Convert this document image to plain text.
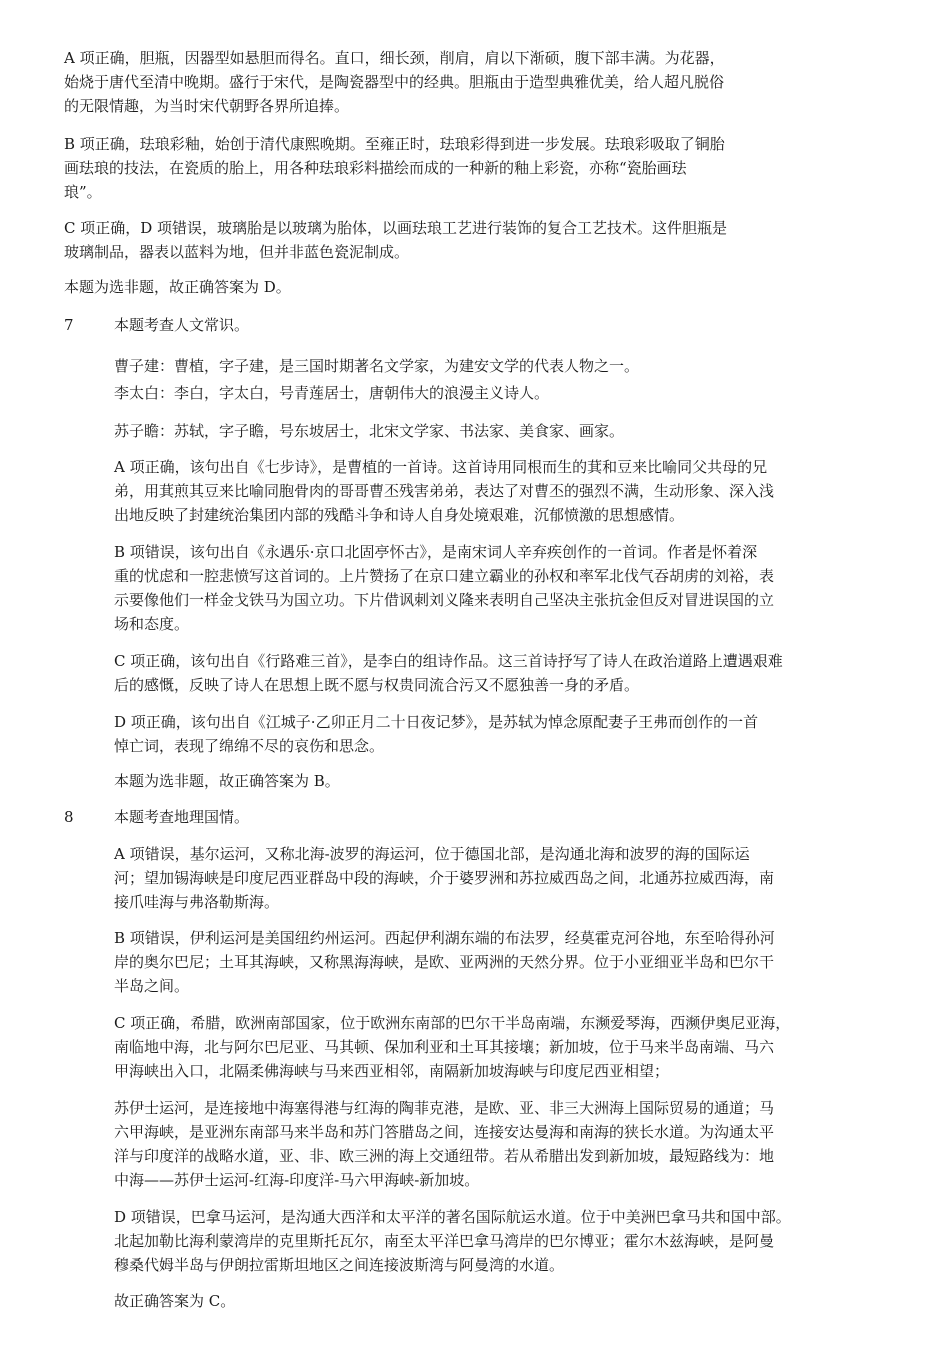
A 项正确，胆瓶，因器型如悬胆而得名。直口，细长颈，削肩，肩以下渐硕，腹下部丰满。为花器，

始烧于唐代至清中晚期。盛行于宋代，是陶瓷器型中的经典。胆瓶由于造型典雅优美，给人超凡脱俗

的无限情趣，为当时宋代朝野各界所追捧。

B 项正确，珐琅彩釉，始创于清代康熙晚期。至雍正时，珐琅彩得到进一步发展。珐琅彩吸取了铜胎

画珐琅的技法，在瓷质的胎上，用各种珐琅彩料描绘而成的一种新的釉上彩瓷，亦称“瓷胎画珐

琅”。

C 项正确，D 项错误，玻璃胎是以玻璃为胎体，以画珐琅工艺进行装饰的复合工艺技术。这件胆瓶是

玻璃制品，器表以蓝料为地，但并非蓝色瓷泥制成。

本题为选非题，故正确答案为 D。

7	本题考查人文常识。

曹子建：曹植，字子建，是三国时期著名文学家，为建安文学的代表人物之一。

李太白：李白，字太白，号青莲居士，唐朝伟大的浪漫主义诗人。

苏子瞻：苏轼，字子瞻，号东坡居士，北宋文学家、书法家、美食家、画家。

A 项正确，该句出自《七步诗》，是曹植的一首诗。这首诗用同根而生的萁和豆来比喻同父共母的兄

弟，用萁煎其豆来比喻同胞骨肉的哥哥曹丕残害弟弟，表达了对曹丕的强烈不满，生动形象、深入浅

出地反映了封建统治集团内部的残酷斗争和诗人自身处境艰难，沉郁愤激的思想感情。

B 项错误，该句出自《永遇乐·京口北固亭怀古》，是南宋词人辛弃疾创作的一首词。作者是怀着深

重的忧虑和一腔悲愤写这首词的。上片赞扬了在京口建立霸业的孙权和率军北伐气吞胡虏的刘裕，表

示要像他们一样金戈铁马为国立功。下片借讽刺刘义隆来表明自己坚决主张抗金但反对冒进误国的立

场和态度。

C 项正确，该句出自《行路难三首》，是李白的组诗作品。这三首诗抒写了诗人在政治道路上遭遇艰难

后的感慨，反映了诗人在思想上既不愿与权贵同流合污又不愿独善一身的矛盾。

D 项正确，该句出自《江城子·乙卯正月二十日夜记梦》，是苏轼为悼念原配妻子王弗而创作的一首

悼亡词，表现了绵绵不尽的哀伤和思念。

本题为选非题，故正确答案为 B。

8	本题考查地理国情。

A 项错误，基尔运河，又称北海-波罗的海运河，位于德国北部，是沟通北海和波罗的海的国际运

河；望加锡海峡是印度尼西亚群岛中段的海峡，介于婆罗洲和苏拉威西岛之间，北通苏拉威西海，南

接爪哇海与弗洛勒斯海。

B 项错误，伊利运河是美国纽约州运河。西起伊利湖东端的布法罗，经莫霍克河谷地，东至哈得孙河

岸的奥尔巴尼；土耳其海峡，又称黑海海峡，是欧、亚两洲的天然分界。位于小亚细亚半岛和巴尔干

半岛之间。

C 项正确，希腊，欧洲南部国家，位于欧洲东南部的巴尔干半岛南端，东濒爱琴海，西濒伊奥尼亚海，

南临地中海，北与阿尔巴尼亚、马其顿、保加利亚和土耳其接壤；新加坡，位于马来半岛南端、马六

甲海峡出入口，北隔柔佛海峡与马来西亚相邻，南隔新加坡海峡与印度尼西亚相望；

苏伊士运河，是连接地中海塞得港与红海的陶菲克港，是欧、亚、非三大洲海上国际贸易的通道；马

六甲海峡，是亚洲东南部马来半岛和苏门答腊岛之间，连接安达曼海和南海的狭长水道。为沟通太平

洋与印度洋的战略水道，亚、非、欧三洲的海上交通纽带。若从希腊出发到新加坡，最短路线为：地

中海——苏伊士运河-红海-印度洋-马六甲海峡-新加坡。

D 项错误，巴拿马运河，是沟通大西洋和太平洋的著名国际航运水道。位于中美洲巴拿马共和国中部。

北起加勒比海利蒙湾岸的克里斯托瓦尔，南至太平洋巴拿马湾岸的巴尔博亚；霍尔木兹海峡，是阿曼

穆桑代姆半岛与伊朗拉雷斯坦地区之间连接波斯湾与阿曼湾的水道。

故正确答案为 C。
